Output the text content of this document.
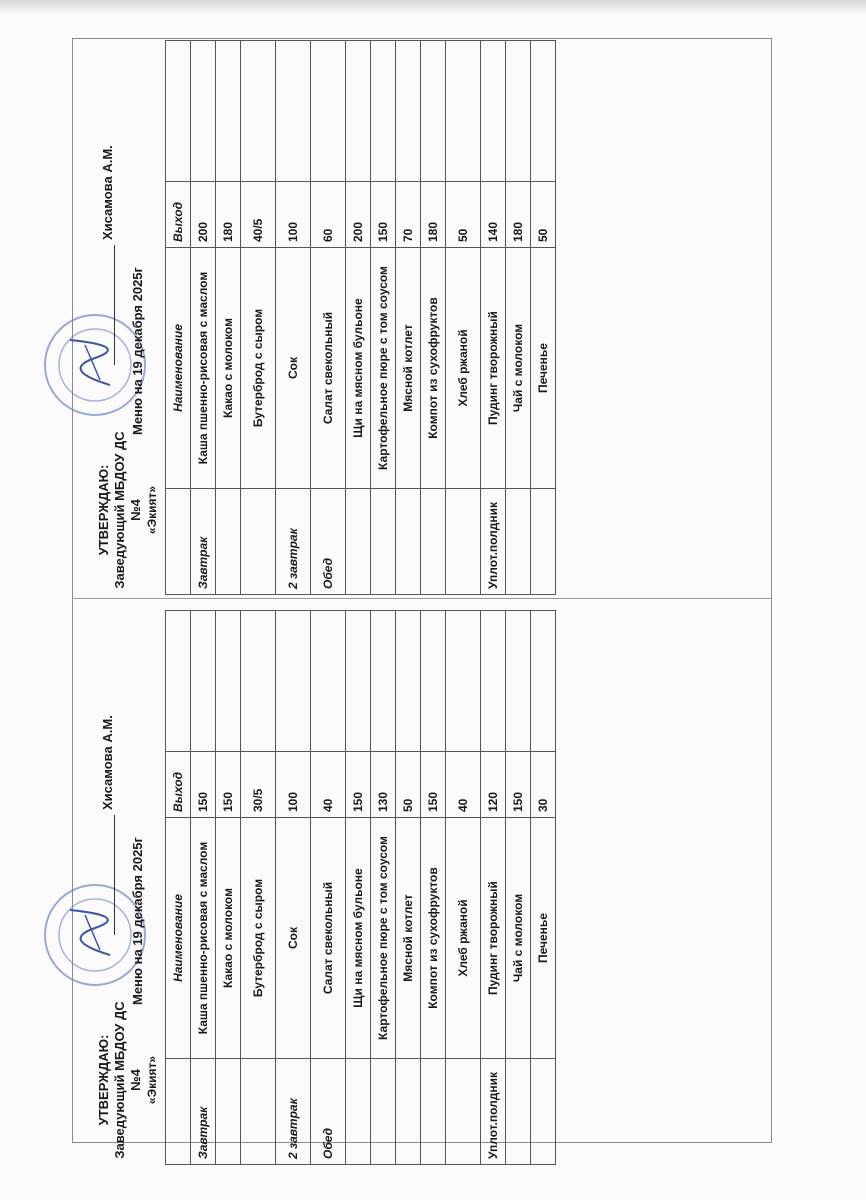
УТВЕРЖДАЮ: Заведующий МБДОУ ДС №4 «Экият»
Хисамова А.М.
Меню на 19 декабря 2025г
	Наименование	Выход	
Завтрак	Каша пшенно-рисовая с маслом	200	
	Какао с молоком	180	
	Бутерброд с сыром	40/5	
2 завтрак	Сок	100	
Обед	Салат свекольный	60	
	Щи на мясном бульоне	200	
	Картофельное пюре с том соусом	150	
	Мясной котлет	70	
	Компот из сухофруктов	180	
	Хлеб ржаной	50	
Уплот.полдник	Пудинг творожный	140	
	Чай с молоком	180	
	Печенье	50	
УТВЕРЖДАЮ: Заведующий МБДОУ ДС №4 «Экият»
Хисамова А.М.
Меню на 19 декабря 2025г
	Наименование	Выход	
Завтрак	Каша пшенно-рисовая с маслом	150	
	Какао с молоком	150	
	Бутерброд с сыром	30/5	
2 завтрак	Сок	100	
Обед	Салат свекольный	40	
	Щи на мясном бульоне	150	
	Картофельное пюре с том соусом	130	
	Мясной котлет	50	
	Компот из сухофруктов	150	
	Хлеб ржаной	40	
Уплот.полдник	Пудинг творожный	120	
	Чай с молоком	150	
	Печенье	30	
